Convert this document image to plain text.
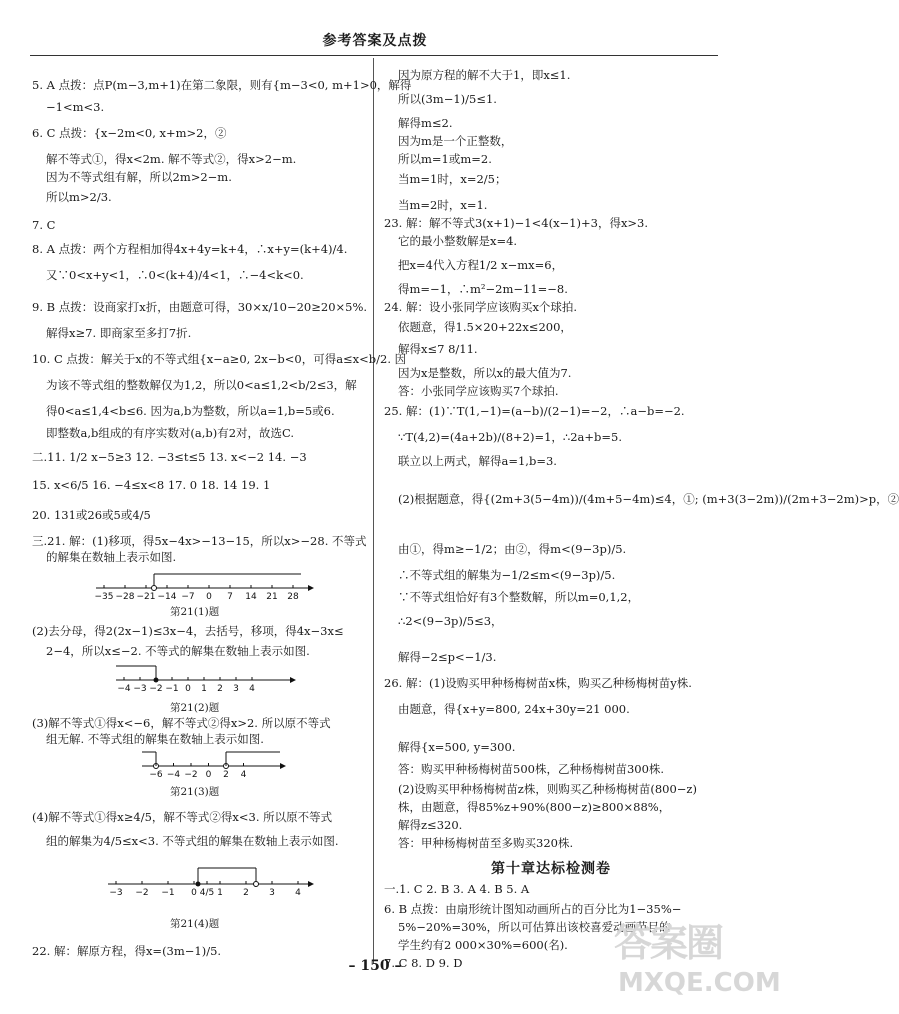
参考答案及点拨
5. A 点拨：点P(m−3,m+1)在第二象限，则有{m−3<0, m+1>0，解得
−1<m<3.
6. C 点拨：{x−2m<0, x+m>2，②
解不等式①，得x<2m. 解不等式②，得x>2−m.
因为不等式组有解，所以2m>2−m.
所以m>2/3.
7. C
8. A 点拨：两个方程相加得4x+4y=k+4，∴x+y=(k+4)/4.
又∵0<x+y<1，∴0<(k+4)/4<1，∴−4<k<0.
9. B 点拨：设商家打x折，由题意可得，30×x/10−20≥20×5%.
解得x≥7. 即商家至多打7折.
10. C 点拨：解关于x的不等式组{x−a≥0, 2x−b<0，可得a≤x<b/2. 因
为该不等式组的整数解仅为1,2，所以0<a≤1,2<b/2≤3，解
得0<a≤1,4<b≤6. 因为a,b为整数，所以a=1,b=5或6.
即整数a,b组成的有序实数对(a,b)有2对，故选C.
二.11. 1/2 x−5≥3 12. −3≤t≤5 13. x<−2 14. −3
15. x<6/5 16. −4≤x<8 17. 0 18. 14 19. 1
20. 131或26或5或4/5
三.21. 解：(1)移项，得5x−4x>−13−15，所以x>−28. 不等式
的解集在数轴上表示如图.
−35 −28 −21 −14 −7 0 7 14 21 28
第21(1)题
(2)去分母，得2(2x−1)≤3x−4，去括号，移项，得4x−3x≤
2−4，所以x≤−2. 不等式的解集在数轴上表示如图.
−4 −3 −2 −1 0 1 2 3 4
第21(2)题
(3)解不等式①得x<−6，解不等式②得x>2. 所以原不等式
组无解. 不等式组的解集在数轴上表示如图.
−6 −4 −2 0 2 4
第21(3)题
(4)解不等式①得x≥4/5，解不等式②得x<3. 所以原不等式
组的解集为4/5≤x<3. 不等式组的解集在数轴上表示如图.
−3 −2 −1 0 4/5 1 2 3 4
第21(4)题
22. 解：解原方程，得x=(3m−1)/5.
因为原方程的解不大于1，即x≤1.
所以(3m−1)/5≤1.
解得m≤2.
因为m是一个正整数，
所以m=1或m=2.
当m=1时，x=2/5；
当m=2时，x=1.
23. 解：解不等式3(x+1)−1<4(x−1)+3，得x>3.
它的最小整数解是x=4.
把x=4代入方程1/2 x−mx=6，
得m=−1，∴m²−2m−11=−8.
24. 解：设小张同学应该购买x个球拍.
依题意，得1.5×20+22x≤200，
解得x≤7 8/11.
因为x是整数，所以x的最大值为7.
答：小张同学应该购买7个球拍.
25. 解：(1)∵T(1,−1)=(a−b)/(2−1)=−2，∴a−b=−2.
∵T(4,2)=(4a+2b)/(8+2)=1，∴2a+b=5.
联立以上两式，解得a=1,b=3.
(2)根据题意，得{(2m+3(5−4m))/(4m+5−4m)≤4，①; (m+3(3−2m))/(2m+3−2m)>p，②
由①，得m≥−1/2；由②，得m<(9−3p)/5.
∴不等式组的解集为−1/2≤m<(9−3p)/5.
∵不等式组恰好有3个整数解，所以m=0,1,2，
∴2<(9−3p)/5≤3，
解得−2≤p<−1/3.
26. 解：(1)设购买甲种杨梅树苗x株，购买乙种杨梅树苗y株.
由题意，得{x+y=800, 24x+30y=21 000.
解得{x=500, y=300.
答：购买甲种杨梅树苗500株，乙种杨梅树苗300株.
(2)设购买甲种杨梅树苗z株，则购买乙种杨梅树苗(800−z)
株，由题意，得85%z+90%(800−z)≥800×88%，
解得z≤320.
答：甲种杨梅树苗至多购买320株.
第十章达标检测卷
一.1. C 2. B 3. A 4. B 5. A
6. B 点拨：由扇形统计图知动画所占的百分比为1−35%−
5%−20%=30%，所以可估算出该校喜爱动画节目的
学生约有2 000×30%=600(名).
7. C 8. D 9. D
– 150 –
答案圈
MXQE.COM
